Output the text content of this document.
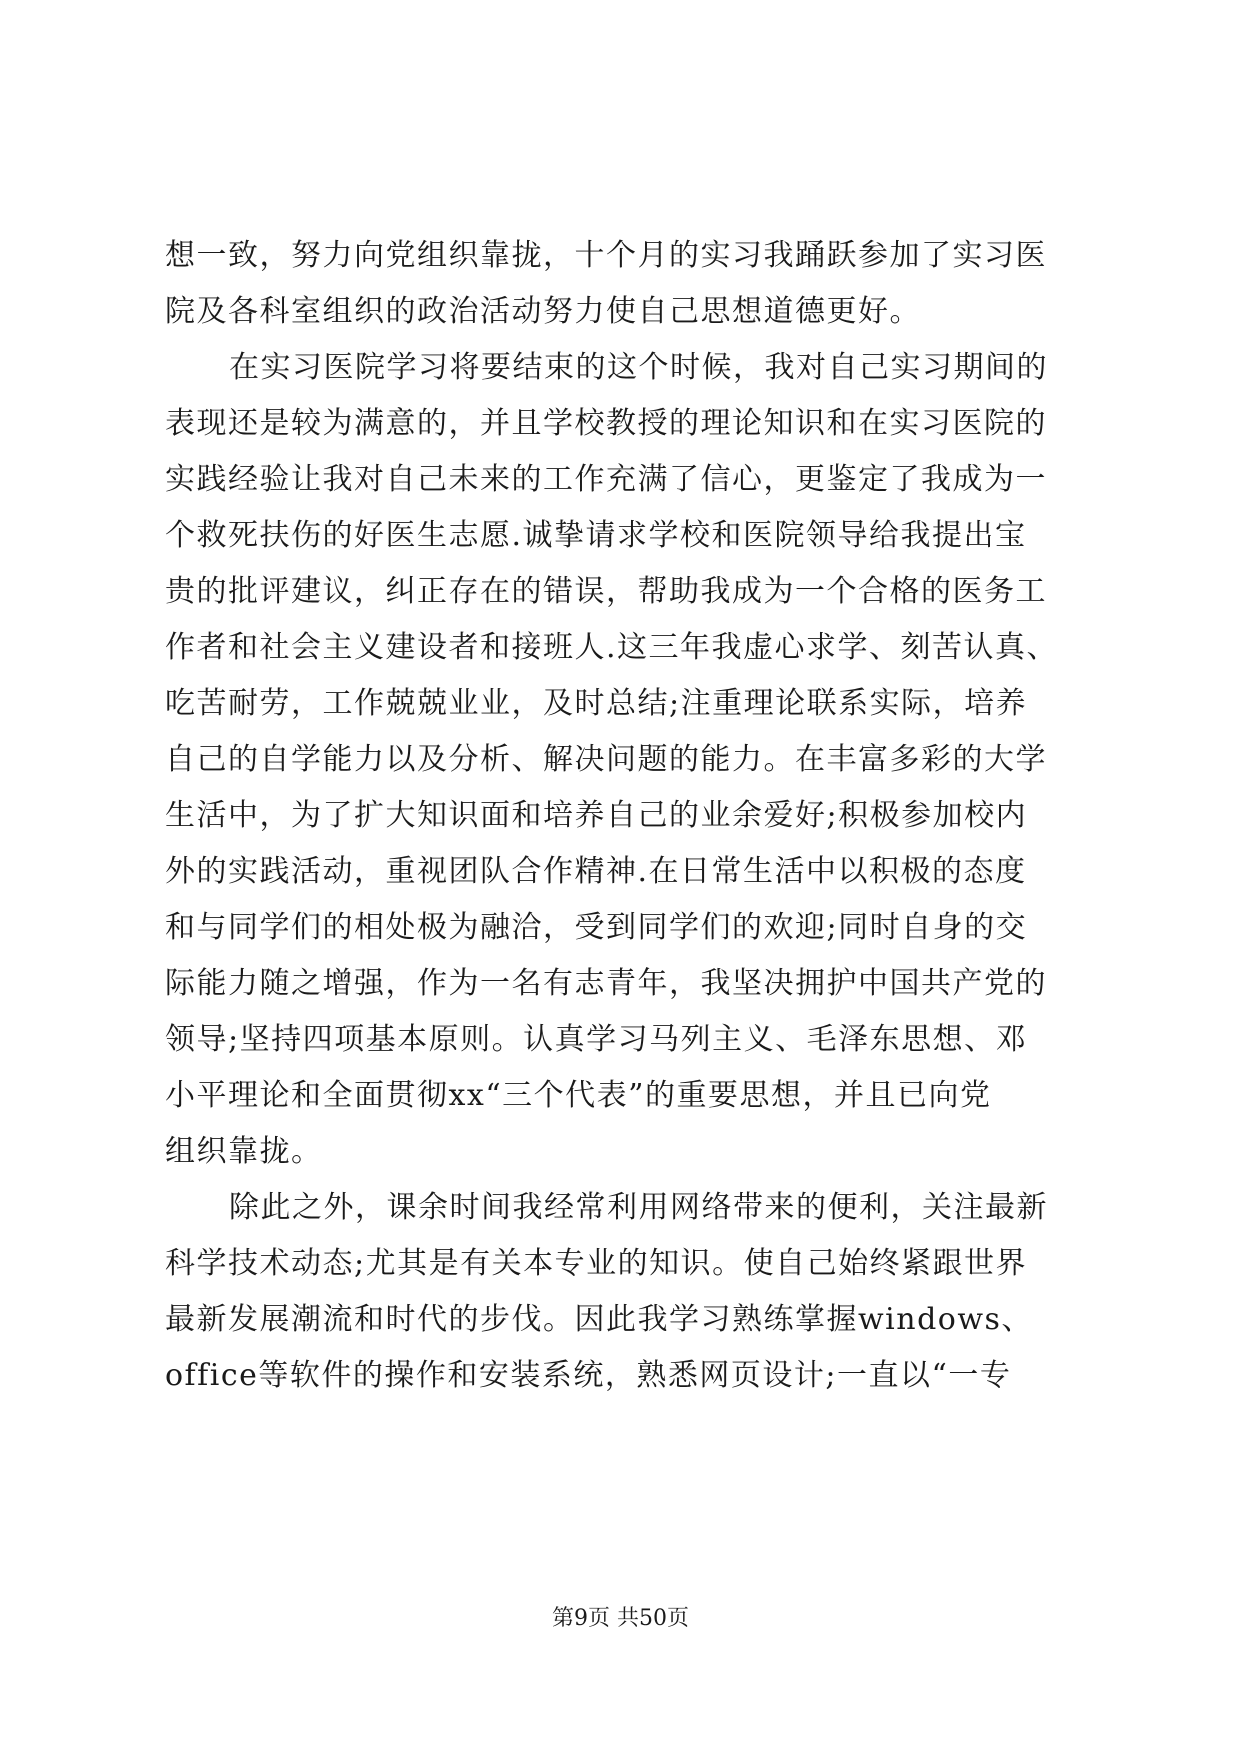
想一致，努力向党组织靠拢，十个月的实习我踊跃参加了实习医
院及各科室组织的政治活动努力使自己思想道德更好。
在实习医院学习将要结束的这个时候，我对自己实习期间的
表现还是较为满意的，并且学校教授的理论知识和在实习医院的
实践经验让我对自己未来的工作充满了信心，更鉴定了我成为一
个救死扶伤的好医生志愿.诚挚请求学校和医院领导给我提出宝
贵的批评建议，纠正存在的错误，帮助我成为一个合格的医务工
作者和社会主义建设者和接班人.这三年我虚心求学、刻苦认真、
吃苦耐劳，工作兢兢业业，及时总结;注重理论联系实际，培养
自己的自学能力以及分析、解决问题的能力。在丰富多彩的大学
生活中，为了扩大知识面和培养自己的业余爱好;积极参加校内
外的实践活动，重视团队合作精神.在日常生活中以积极的态度
和与同学们的相处极为融洽，受到同学们的欢迎;同时自身的交
际能力随之增强，作为一名有志青年，我坚决拥护中国共产党的
领导;坚持四项基本原则。认真学习马列主义、毛泽东思想、邓
小平理论和全面贯彻xx“三个代表”的重要思想，并且已向党
组织靠拢。
除此之外，课余时间我经常利用网络带来的便利，关注最新
科学技术动态;尤其是有关本专业的知识。使自己始终紧跟世界
最新发展潮流和时代的步伐。因此我学习熟练掌握windows、
office等软件的操作和安装系统，熟悉网页设计;一直以“一专
第9页 共50页
